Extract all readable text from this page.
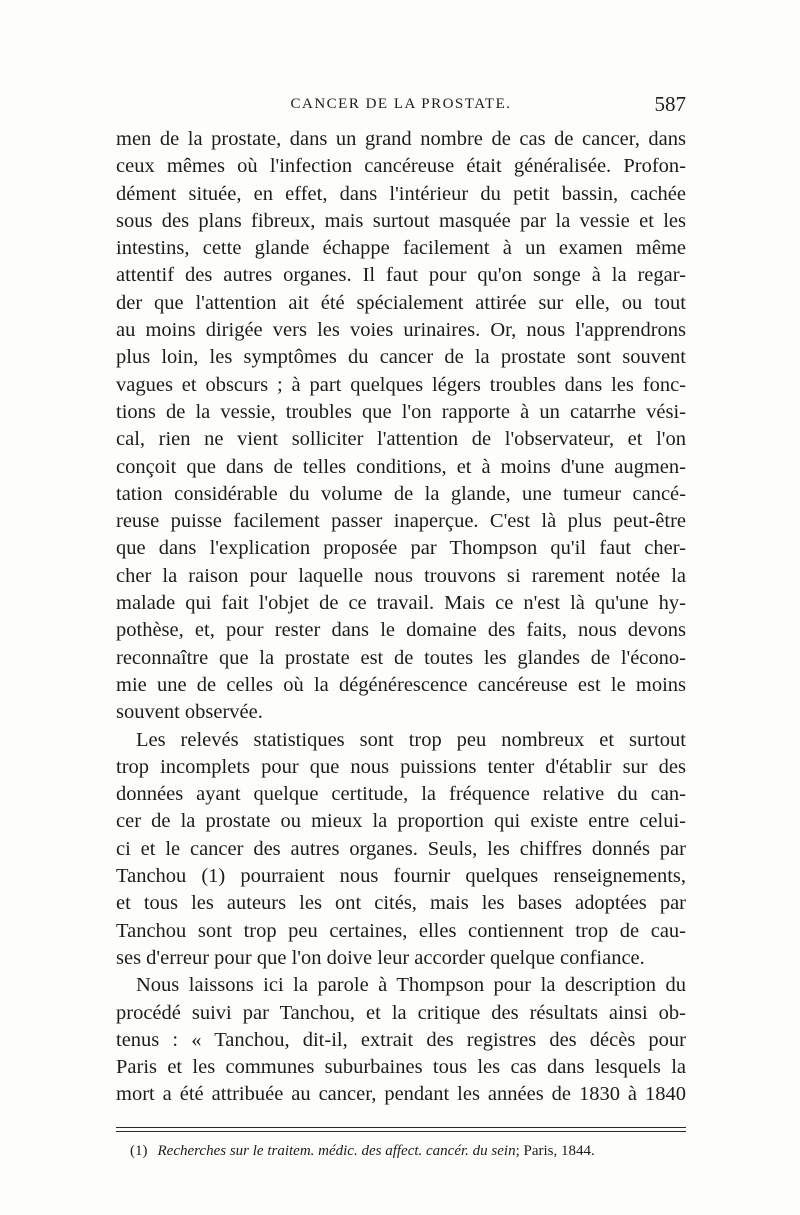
CANCER DE LA PROSTATE.	587
men de la prostate, dans un grand nombre de cas de cancer, dans
ceux mêmes où l'infection cancéreuse était généralisée. Profon-
dément située, en effet, dans l'intérieur du petit bassin, cachée
sous des plans fibreux, mais surtout masquée par la vessie et les
intestins, cette glande échappe facilement à un examen même
attentif des autres organes. Il faut pour qu'on songe à la regar-
der que l'attention ait été spécialement attirée sur elle, ou tout
au moins dirigée vers les voies urinaires. Or, nous l'apprendrons
plus loin, les symptômes du cancer de la prostate sont souvent
vagues et obscurs ; à part quelques légers troubles dans les fonc-
tions de la vessie, troubles que l'on rapporte à un catarrhe vési-
cal, rien ne vient solliciter l'attention de l'observateur, et l'on
conçoit que dans de telles conditions, et à moins d'une augmen-
tation considérable du volume de la glande, une tumeur cancé-
reuse puisse facilement passer inaperçue. C'est là plus peut-être
que dans l'explication proposée par Thompson qu'il faut cher-
cher la raison pour laquelle nous trouvons si rarement notée la
malade qui fait l'objet de ce travail. Mais ce n'est là qu'une hy-
pothèse, et, pour rester dans le domaine des faits, nous devons
reconnaître que la prostate est de toutes les glandes de l'écono-
mie une de celles où la dégénérescence cancéreuse est le moins
souvent observée.
Les relevés statistiques sont trop peu nombreux et surtout
trop incomplets pour que nous puissions tenter d'établir sur des
données ayant quelque certitude, la fréquence relative du can-
cer de la prostate ou mieux la proportion qui existe entre celui-
ci et le cancer des autres organes. Seuls, les chiffres donnés par
Tanchou (1) pourraient nous fournir quelques renseignements,
et tous les auteurs les ont cités, mais les bases adoptées par
Tanchou sont trop peu certaines, elles contiennent trop de cau-
ses d'erreur pour que l'on doive leur accorder quelque confiance.
Nous laissons ici la parole à Thompson pour la description du
procédé suivi par Tanchou, et la critique des résultats ainsi ob-
tenus : « Tanchou, dit-il, extrait des registres des décès pour
Paris et les communes suburbaines tous les cas dans lesquels la
mort a été attribuée au cancer, pendant les années de 1830 à 1840
(1) Recherches sur le traitem. médic. des affect. cancér. du sein; Paris, 1844.
